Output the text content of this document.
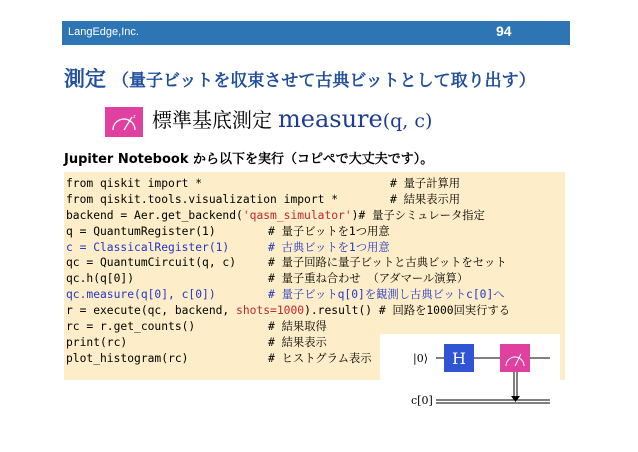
LangEdge,Inc.	94
測定 （量子ビットを収束させて古典ビットとして取り出す）
z 標準基底測定 measure(q, c)
Jupiter Notebook から以下を実行（コピペで大丈夫です）。
from qiskit import *	# 量子計算用
from qiskit.tools.visualization import *	# 結果表示用
backend = Aer.get_backend('qasm_simulator')# 量子シミュレータ指定
q = QuantumRegister(1)	# 量子ビットを1つ用意
c = ClassicalRegister(1)	# 古典ビットを1つ用意
qc = QuantumCircuit(q, c)	# 量子回路に量子ビットと古典ビットをセット
qc.h(q[0])	# 量子重ね合わせ （アダマール演算）
qc.measure(q[0], c[0])	# 量子ビットq[0]を観測し古典ビットc[0]へ
r = execute(qc, backend, shots=1000).result() # 回路を1000回実行する
rc = r.get_counts()	# 結果取得
print(rc)	# 結果表示
plot_histogram(rc)	# ヒストグラム表示	|0⟩ H
c[0]
